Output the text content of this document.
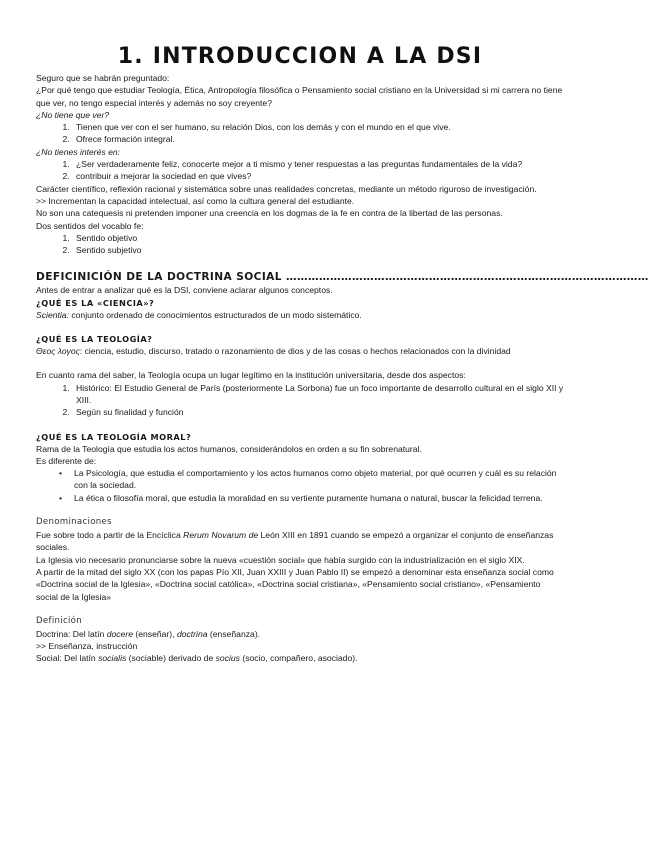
1. INTRODUCCION A LA DSI

Seguro que se habrán preguntado:

¿Por qué tengo que estudiar Teología, Ética, Antropología filosófica o Pensamiento social cristiano en la Universidad si mi carrera no tiene que ver, no tengo especial interés y además no soy creyente?

¿No tiene que ver?

1. Tienen que ver con el ser humano, su relación Dios, con los demás y con el mundo en el que vive.
2. Ofrece formación integral.

¿No tienes interés en:

1. ¿Ser verdaderamente feliz, conocerte mejor a ti mismo y tener respuestas a las preguntas fundamentales de la vida?
2. contribuir a mejorar la sociedad en que vives?

Carácter científico, reflexión racional y sistemática sobre unas realidades concretas, mediante un método riguroso de investigación.

>> Incrementan la capacidad intelectual, así como la cultura general del estudiante.

No son una catequesis ni pretenden imponer una creencia en los dogmas de la fe en contra de la libertad de las personas.

Dos sentidos del vocablo fe:

1. Sentido objetivo
2. Sentido subjetivo
DEFICINICIÓN DE LA DOCTRINA SOCIAL ………………………………………………………………………………………

Antes de entrar a analizar qué es la DSI, conviene aclarar algunos conceptos.

¿QUÉ ES LA «CIENCIA»?

Scientia: conjunto ordenado de conocimientos estructurados de un modo sistemático.

¿QUÉ ES LA TEOLOGÍA?

Θεος λογος: ciencia, estudio, discurso, tratado o razonamiento de dios y de las cosas o hechos relacionados con la divinidad

En cuanto rama del saber, la Teología ocupa un lugar legítimo en la institución universitaria, desde dos aspectos:

1. Histórico: El Estudio General de París (posteriormente La Sorbona) fue un foco importante de desarrollo cultural en el siglo XII y XIII.
2. Según su finalidad y función
¿QUÉ ES LA TEOLOGÍA MORAL?

Rama de la Teología que estudia los actos humanos, considerándolos en orden a su fin sobrenatural.

Es diferente de:

• La Psicología, que estudia el comportamiento y los actos humanos como objeto material, por qué ocurren y cuál es su relación con la sociedad.
• La ética o filosofía moral, que estudia la moralidad en su vertiente puramente humana o natural, buscar la felicidad terrena.
Denominaciones

Fue sobre todo a partir de la Encíclica Rerum Novarum de León XIII en 1891 cuando se empezó a organizar el conjunto de enseñanzas sociales.

La Iglesia vio necesario pronunciarse sobre la nueva «cuestión social» que había surgido con la industrialización en el siglo XIX.

A partir de la mitad del siglo XX (con los papas Pío XII, Juan XXIII y Juan Pablo II) se empezó a denominar esta enseñanza social como «Doctrina social de la Iglesia», «Doctrina social católica», «Doctrina social cristiana», «Pensamiento social cristiano», «Pensamiento social de la Iglesia»

Definición

Doctrina: Del latín docere (enseñar), doctrina (enseñanza).

>> Enseñanza, instrucción

Social: Del latín socialis (sociable) derivado de socius (socio, compañero, asociado).
